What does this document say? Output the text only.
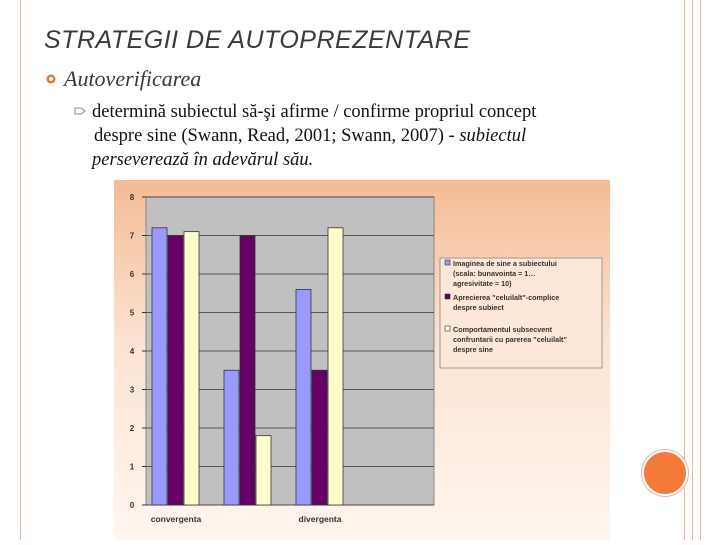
STRATEGII DE AUTOPREZENTARE
Autoverificarea
determină subiectul să-şi afirme / confirme propriul concept
despre sine (Swann, Read, 2001; Swann, 2007) - subiectul
perseverează în adevărul său.
0
1
2
3
4
5
6
7
8
convergenta	divergenta
Imaginea de sine a subiectului
(scala: bunavointa = 1…
agresivitate = 10)
Aprecierea "celuilalt"-complice
despre subiect
Comportamentul subsecvent
confruntarii cu parerea "celuilalt"
despre sine
